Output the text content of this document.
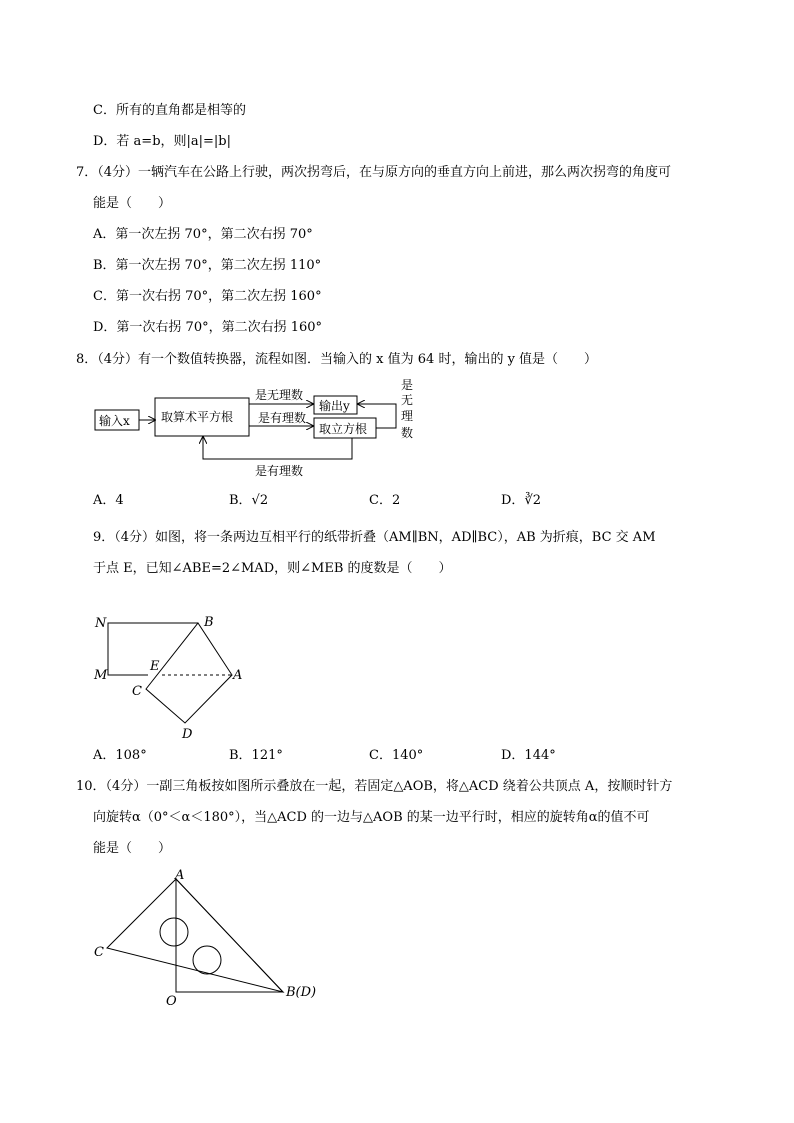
C．所有的直角都是相等的
D．若 a=b，则|a|=|b|
7．（4分）一辆汽车在公路上行驶，两次拐弯后，在与原方向的垂直方向上前进，那么两次拐弯的角度可
能是（　　）
A．第一次左拐 70°，第二次右拐 70°
B．第一次左拐 70°，第二次左拐 110°
C．第一次右拐 70°，第二次左拐 160°
D．第一次右拐 70°，第二次右拐 160°
8．（4分）有一个数值转换器，流程如图．当输入的 x 值为 64 时，输出的 y 值是（　　）
输入x	取算术平方根
是无理数
是有理数
输出y
取立方根
是
无
理
数
是有理数
A．4	B．√2	C．2	D．∛2
9．（4分）如图，将一条两边互相平行的纸带折叠（AM∥BN，AD∥BC），AB 为折痕，BC 交 AM
于点 E，已知∠ABE=2∠MAD，则∠MEB 的度数是（　　）
N	B
M
E
C
A
D
A．108°	B．121°	C．140°	D．144°
10．（4分）一副三角板按如图所示叠放在一起，若固定△AOB，将△ACD 绕着公共顶点 A，按顺时针方
向旋转α（0°＜α＜180°），当△ACD 的一边与△AOB 的某一边平行时，相应的旋转角α的值不可
能是（　　）
A
C
O
B(D)
